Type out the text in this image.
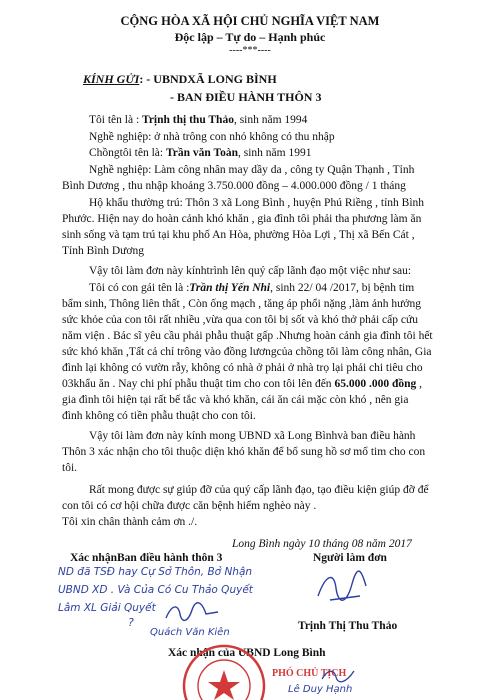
CỘNG HÒA XÃ HỘI CHỦ NGHĨA VIỆT NAM
Độc lập – Tự do – Hạnh phúc
----***----
KÍNH GỬI: - UBNDXÃ LONG BÌNH
- BAN ĐIỀU HÀNH THÔN 3
Tôi tên là : Trịnh thị thu Thảo, sinh năm 1994
Nghề nghiệp: ở nhà trông con nhỏ không có thu nhập
Chồngtôi tên là: Trần văn Toàn, sinh năm 1991
Nghề nghiệp: Làm công nhân may dầy da , công ty Quận Thạnh , Tỉnh
Bình Dương , thu nhập khoảng 3.750.000 đồng – 4.000.000 đồng / 1 tháng
Hộ khẩu thường trú: Thôn 3 xã Long Bình , huyện Phú Riềng , tỉnh Bình
Phước. Hiện nay do hoàn cảnh khó khăn , gia đình tôi phải tha phương làm ăn
sinh sống và tạm trú tại khu phố An Hòa, phường Hòa Lợi , Thị xã Bến Cát ,
Tỉnh Bình Dương
Vậy tôi làm đơn này kínhtrình lên quý cấp lãnh đạo một việc như sau:
Tôi có con gái tên là :Trần thị Yến Nhi, sinh 22/ 04 /2017, bị bệnh tim
bẩm sinh, Thông liên thất , Còn ống mạch , tăng áp phổi nặng ,làm ảnh hưởng
sức khỏe của con tôi rất nhiều ,vừa qua con tôi bị sốt và khó thở phải cấp cứu
năm viện . Bác sĩ yêu cầu phải phẫu thuật gấp .Nhưng hoàn cảnh gia đình tôi hết
sức khó khăn ,Tất cả chỉ trông vào đồng lươngcủa chồng tôi làm công nhân, Gia
đình lại không có vườn rẫy, không có nhà ở phải ở nhà trọ lại phải chi tiêu cho
03khẩu ăn . Nay chi phí phẫu thuật tim cho con tôi lên đến 65.000 .000 đồng ,
gia đình tôi hiện tại rất bế tắc và khó khăn, cái ăn cái mặc còn khó , nên gia
đình không có tiền phẫu thuật cho con tôi.
Vậy tôi làm đơn này kính mong UBND xã Long Bìnhvà ban điều hành
Thôn 3 xác nhận cho tôi thuộc diện khó khăn để bổ sung hồ sơ mổ tim cho con
tôi.
Rất mong được sự giúp đỡ của quý cấp lãnh đạo, tạo điều kiện giúp đỡ để
con tôi có cơ hội chữa được căn bệnh hiểm nghèo này .
Tôi xin chân thành cảm ơn ./.
Long Bình ngày 10 tháng 08 năm 2017
Xác nhậnBan điều hành thôn 3	Người làm đơn
ND đã TSĐ hay Cự Sở Thôn, Bở Nhận
UBND XD . Và Của Có Cu Thảo Quyết
Lâm XL Giải Quyết
?
Quách Văn Kiên
Trịnh Thị Thu Thảo
Xác nhận của UBND Long Bình
PHÓ CHỦ TỊCH
Lê Duy Hạnh
